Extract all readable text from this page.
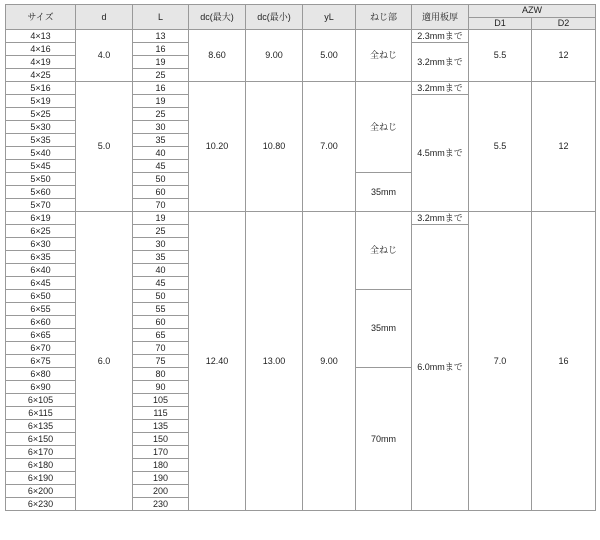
サイズ	d	L	dc(最大)	dc(最小)	yL	ねじ部	適用板厚	AZW	
								D1	D2
4×13	4.0	13	8.60	9.00	5.00	全ねじ	2.3mmまで	5.5	12
4×16		16					3.2mmまで		
4×19		19							
4×25		25							
5×16	5.0	16	10.20	10.80	7.00	全ねじ	3.2mmまで	5.5	12
5×19		19					4.5mmまで		
5×25		25							
5×30		30							
5×35		35							
5×40		40							
5×45		45							
5×50		50				35mm			
5×60		60							
5×70		70							
6×19	6.0	19	12.40	13.00	9.00	全ねじ	3.2mmまで	7.0	16
6×25		25					6.0mmまで		
6×30		30							
6×35		35							
6×40		40							
6×45		45							
6×50		50				35mm			
6×55		55							
6×60		60							
6×65		65							
6×70		70							
6×75		75							
6×80		80				70mm			
6×90		90							
6×105		105							
6×115		115							
6×135		135							
6×150		150							
6×170		170							
6×180		180							
6×190		190							
6×200		200							
6×230		230							
